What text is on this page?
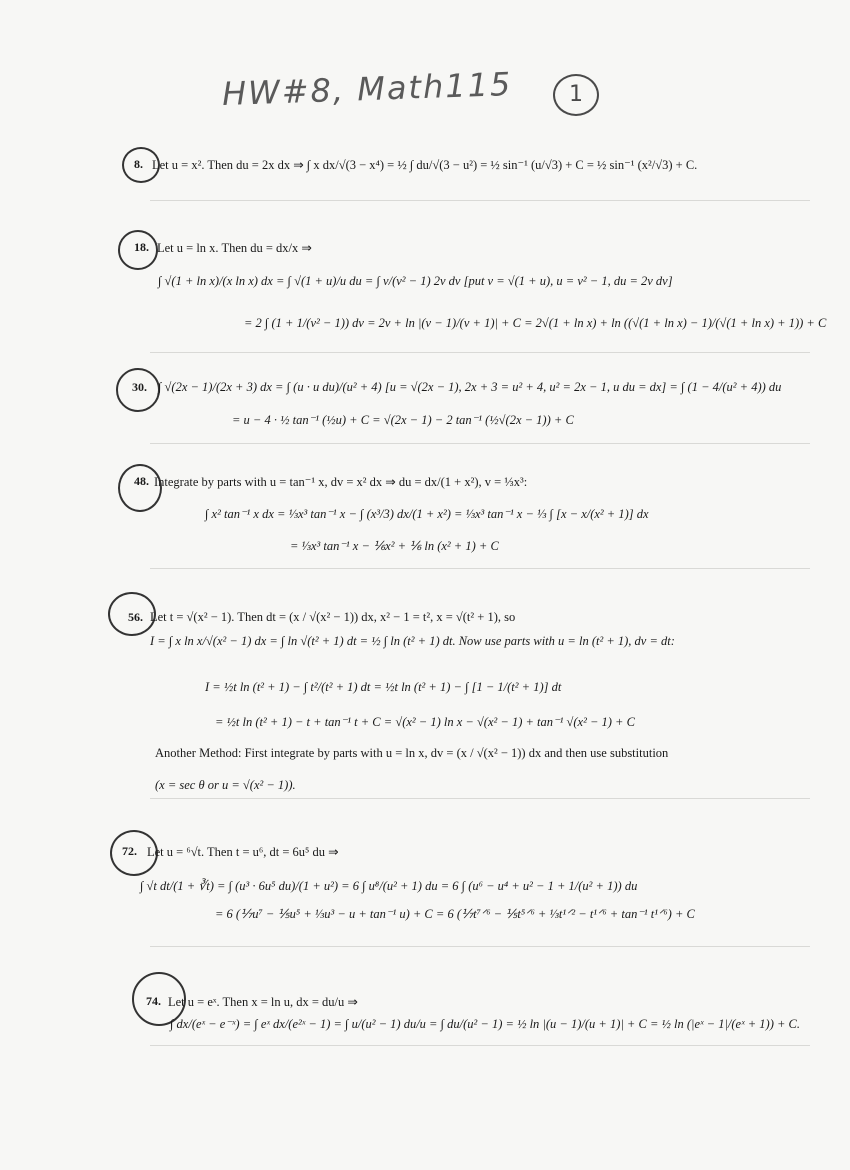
HW#8, Math115	1
8. Let u = x². Then du = 2x dx ⇒ ∫ x dx/√(3 − x⁴) = ½ ∫ du/√(3 − u²) = ½ sin⁻¹ (u/√3) + C = ½ sin⁻¹ (x²/√3) + C.
18. Let u = ln x. Then du = dx/x ⇒
∫ √(1 + ln x)/(x ln x) dx = ∫ √(1 + u)/u du = ∫ v/(v² − 1) 2v dv [put v = √(1 + u), u = v² − 1, du = 2v dv]
= 2 ∫ (1 + 1/(v² − 1)) dv = 2v + ln |(v − 1)/(v + 1)| + C = 2√(1 + ln x) + ln ((√(1 + ln x) − 1)/(√(1 + ln x) + 1)) + C
30. ∫ √(2x − 1)/(2x + 3) dx = ∫ (u · u du)/(u² + 4) [u = √(2x − 1), 2x + 3 = u² + 4, u² = 2x − 1, u du = dx] = ∫ (1 − 4/(u² + 4)) du
= u − 4 · ½ tan⁻¹ (½u) + C = √(2x − 1) − 2 tan⁻¹ (½√(2x − 1)) + C
48. Integrate by parts with u = tan⁻¹ x, dv = x² dx ⇒ du = dx/(1 + x²), v = ⅓x³:
∫ x² tan⁻¹ x dx = ⅓x³ tan⁻¹ x − ∫ (x³/3) dx/(1 + x²) = ⅓x³ tan⁻¹ x − ⅓ ∫ [x − x/(x² + 1)] dx
= ⅓x³ tan⁻¹ x − ⅙x² + ⅙ ln (x² + 1) + C
56. Let t = √(x² − 1). Then dt = (x / √(x² − 1)) dx, x² − 1 = t², x = √(t² + 1), so
I = ∫ x ln x/√(x² − 1) dx = ∫ ln √(t² + 1) dt = ½ ∫ ln (t² + 1) dt. Now use parts with u = ln (t² + 1), dv = dt:
I = ½t ln (t² + 1) − ∫ t²/(t² + 1) dt = ½t ln (t² + 1) − ∫ [1 − 1/(t² + 1)] dt
= ½t ln (t² + 1) − t + tan⁻¹ t + C = √(x² − 1) ln x − √(x² − 1) + tan⁻¹ √(x² − 1) + C
Another Method: First integrate by parts with u = ln x, dv = (x / √(x² − 1)) dx and then use substitution
(x = sec θ or u = √(x² − 1)).
72. Let u = ⁶√t. Then t = u⁶, dt = 6u⁵ du ⇒
∫ √t dt/(1 + ∛t) = ∫ (u³ · 6u⁵ du)/(1 + u²) = 6 ∫ u⁸/(u² + 1) du = 6 ∫ (u⁶ − u⁴ + u² − 1 + 1/(u² + 1)) du
= 6 (⅐u⁷ − ⅕u⁵ + ⅓u³ − u + tan⁻¹ u) + C = 6 (⅐t⁷ᐟ⁶ − ⅕t⁵ᐟ⁶ + ⅓t¹ᐟ² − t¹ᐟ⁶ + tan⁻¹ t¹ᐟ⁶) + C
74. Let u = eˣ. Then x = ln u, dx = du/u ⇒
∫ dx/(eˣ − e⁻ˣ) = ∫ eˣ dx/(e²ˣ − 1) = ∫ u/(u² − 1) du/u = ∫ du/(u² − 1) = ½ ln |(u − 1)/(u + 1)| + C = ½ ln (|eˣ − 1|/(eˣ + 1)) + C.
